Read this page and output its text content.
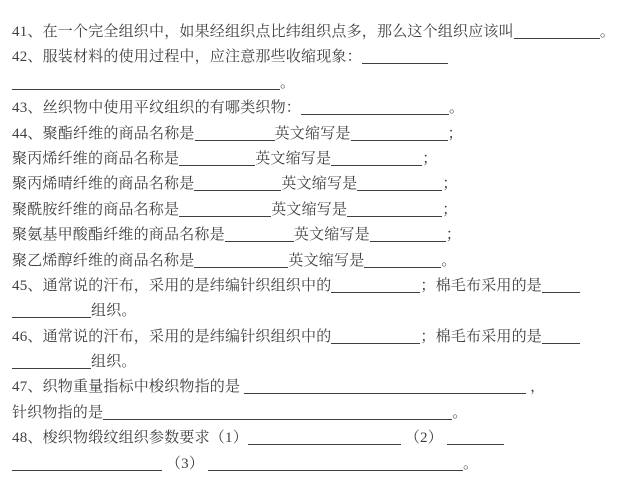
41、在一个完全组织中，如果经组织点比纬组织点多，那么这个组织应该叫	。
42、服装材料的使用过程中，应注意那些收缩现象：
。
43、丝织物中使用平纹组织的有哪类织物：	。
44、聚酯纤维的商品名称是	英文缩写是	；
聚丙烯纤维的商品名称是	英文缩写是	；
聚丙烯晴纤维的商品名称是	英文缩写是	；
聚酰胺纤维的商品名称是	英文缩写是	；
聚氨基甲酸酯纤维的商品名称是	英文缩写是	；
聚乙烯醇纤维的商品名称是	英文缩写是	。
45、通常说的汗布，采用的是纬编针织组织中的	；棉毛布采用的是
组织。
46、通常说的汗布，采用的是纬编针织组织中的	；棉毛布采用的是
组织。
47、织物重量指标中梭织物指的是	，
针织物指的是	。
48、梭织物缎纹组织参数要求（1）	（2）
（3）	。
